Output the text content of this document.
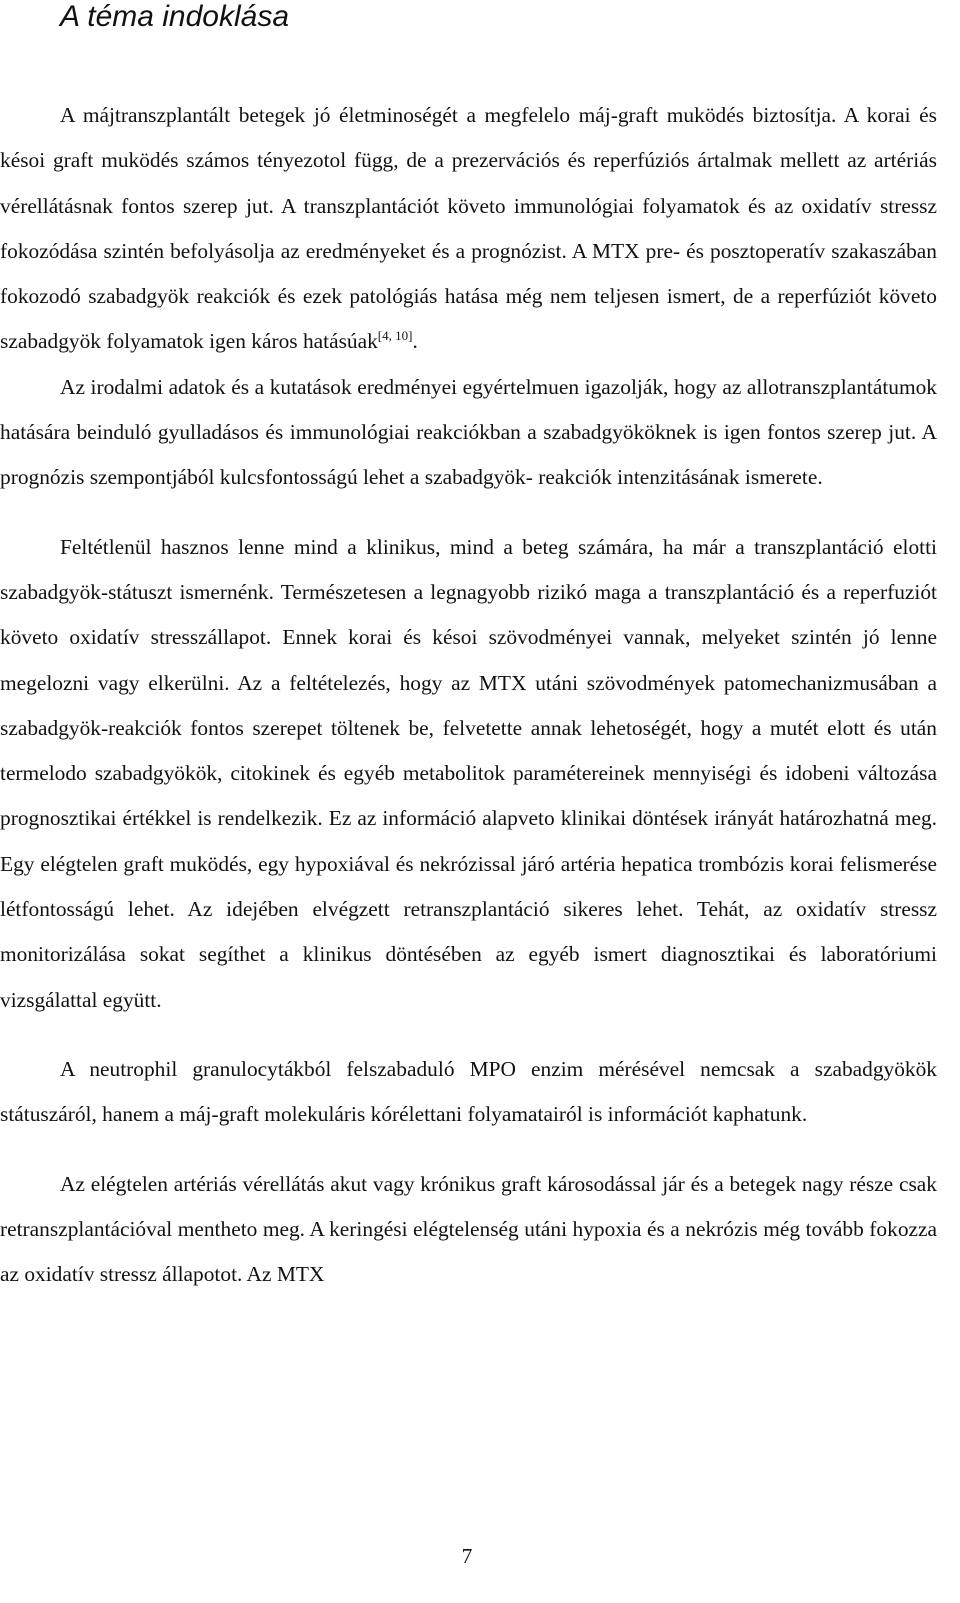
A téma indoklása

A májtranszplantált betegek jó életminoségét a megfelelo máj-graft muködés biztosítja. A korai és késoi graft muködés számos tényezotol függ, de a prezervációs és reperfúziós ártalmak mellett az artériás vérellátásnak fontos szerep jut. A transzplantációt követo immunológiai folyamatok és az oxidatív stressz fokozódása szintén befolyásolja az eredményeket és a prognózist. A MTX pre- és posztoperatív szakaszában fokozodó szabadgyök reakciók és ezek patológiás hatása még nem teljesen ismert, de a reperfúziót követo szabadgyök folyamatok igen káros hatásúak[4, 10].

Az irodalmi adatok és a kutatások eredményei egyértelmuen igazolják, hogy az allotranszplantátumok hatására beinduló gyulladásos és immunológiai reakciókban a szabadgyököknek is igen fontos szerep jut. A prognózis szempontjából kulcsfontosságú lehet a szabadgyök- reakciók intenzitásának ismerete.

Feltétlenül hasznos lenne mind a klinikus, mind a beteg számára, ha már a transzplantáció elotti szabadgyök-státuszt ismernénk. Természetesen a legnagyobb rizikó maga a transzplantáció és a reperfuziót követo oxidatív stresszállapot. Ennek korai és késoi szövodményei vannak, melyeket szintén jó lenne megelozni vagy elkerülni. Az a feltételezés, hogy az MTX utáni szövodmények patomechanizmusában a szabadgyök-reakciók fontos szerepet töltenek be, felvetette annak lehetoségét, hogy a mutét elott és után termelodo szabadgyökök, citokinek és egyéb metabolitok paramétereinek mennyiségi és idobeni változása prognosztikai értékkel is rendelkezik. Ez az információ alapveto klinikai döntések irányát határozhatná meg. Egy elégtelen graft muködés, egy hypoxiával és nekrózissal járó artéria hepatica trombózis korai felismerése létfontosságú lehet. Az idejében elvégzett retranszplantáció sikeres lehet. Tehát, az oxidatív stressz monitorizálása sokat segíthet a klinikus döntésében az egyéb ismert diagnosztikai és laboratóriumi vizsgálattal együtt.

A neutrophil granulocytákból felszabaduló MPO enzim mérésével nemcsak a szabadgyökök státuszáról, hanem a máj-graft molekuláris kórélettani folyamatairól is információt kaphatunk.

Az elégtelen artériás vérellátás akut vagy krónikus graft károsodással jár és a betegek nagy része csak retranszplantációval mentheto meg. A keringési elégtelenség utáni hypoxia és a nekrózis még tovább fokozza az oxidatív stressz állapotot. Az MTX

7
